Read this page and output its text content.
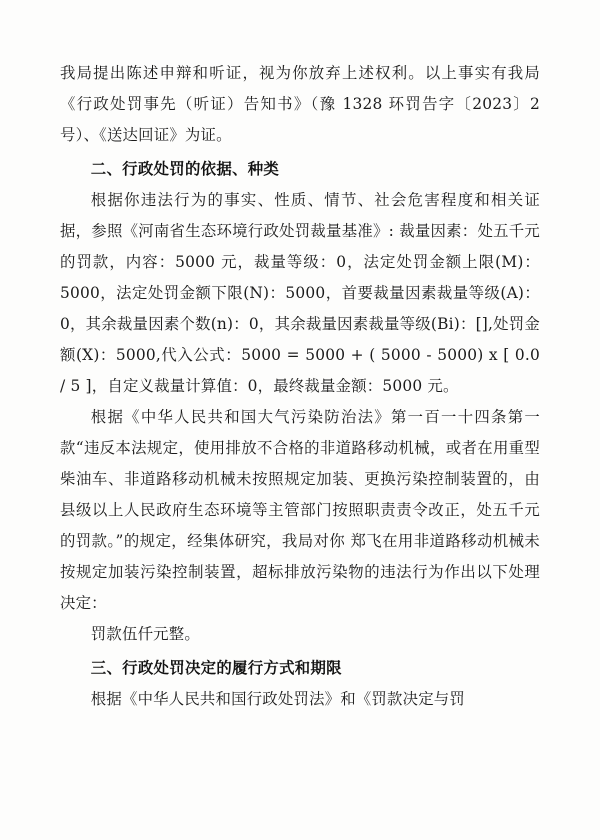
我局提出陈述申辩和听证，视为你放弃上述权利。以上事实有我局《行政处罚事先（听证）告知书》（豫 1328 环罚告字〔2023〕2 号）、《送达回证》为证。

二、行政处罚的依据、种类

根据你违法行为的事实、性质、情节、社会危害程度和相关证据，参照《河南省生态环境行政处罚裁量基准》: 裁量因素：处五千元的罚款，内容：5000 元，裁量等级：0，法定处罚金额上限(M)：5000，法定处罚金额下限(N)：5000，首要裁量因素裁量等级(A)：0，其余裁量因素个数(n)：0，其余裁量因素裁量等级(Bi)：[],处罚金额(X)：5000,代入公式：5000 = 5000 + ( 5000 - 5000) x [ 0.0 / 5 ]，自定义裁量计算值：0，最终裁量金额：5000 元。

根据《中华人民共和国大气污染防治法》第一百一十四条第一款“违反本法规定，使用排放不合格的非道路移动机械，或者在用重型柴油车、非道路移动机械未按照规定加装、更换污染控制装置的，由县级以上人民政府生态环境等主管部门按照职责责令改正，处五千元的罚款。”的规定，经集体研究，我局对你 郑飞在用非道路移动机械未按规定加装污染控制装置，超标排放污染物的违法行为作出以下处理决定：

罚款伍仟元整。

三、行政处罚决定的履行方式和期限

根据《中华人民共和国行政处罚法》和《罚款决定与罚
